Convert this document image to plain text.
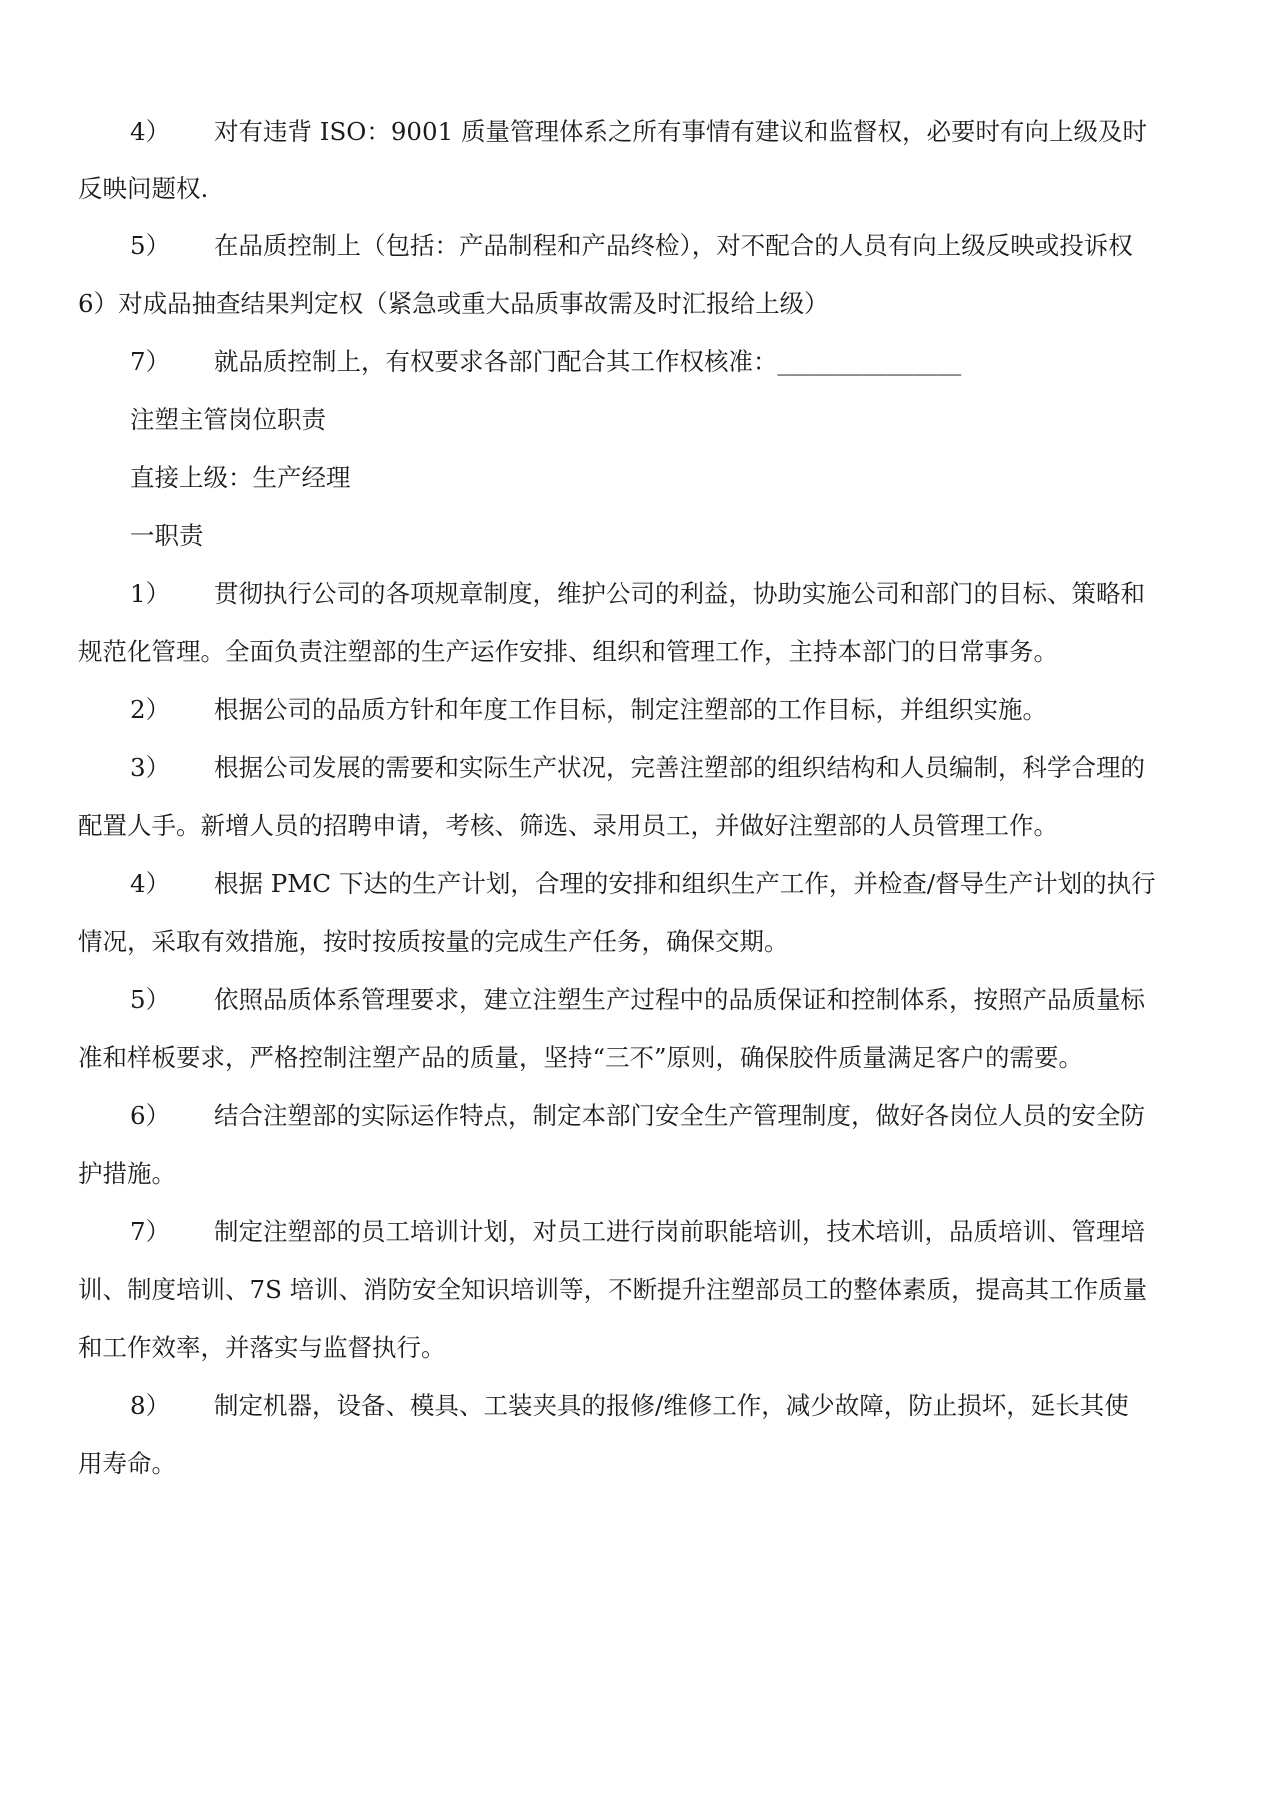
4）	对有违背 ISO：9001 质量管理体系之所有事情有建议和监督权，必要时有向上级及时
反映问题权.
5）	在品质控制上（包括：产品制程和产品终检），对不配合的人员有向上级反映或投诉权
6）对成品抽查结果判定权（紧急或重大品质事故需及时汇报给上级）
7）	就品质控制上，有权要求各部门配合其工作权核准：_______________
注塑主管岗位职责
直接上级：生产经理
一职责
1）	贯彻执行公司的各项规章制度，维护公司的利益，协助实施公司和部门的目标、策略和
规范化管理。全面负责注塑部的生产运作安排、组织和管理工作，主持本部门的日常事务。
2）	根据公司的品质方针和年度工作目标，制定注塑部的工作目标，并组织实施。
3）	根据公司发展的需要和实际生产状况，完善注塑部的组织结构和人员编制，科学合理的
配置人手。新增人员的招聘申请，考核、筛选、录用员工，并做好注塑部的人员管理工作。
4）	根据 PMC 下达的生产计划，合理的安排和组织生产工作，并检查/督导生产计划的执行
情况，采取有效措施，按时按质按量的完成生产任务，确保交期。
5）	依照品质体系管理要求，建立注塑生产过程中的品质保证和控制体系，按照产品质量标
准和样板要求，严格控制注塑产品的质量，坚持“三不”原则，确保胶件质量满足客户的需要。
6）	结合注塑部的实际运作特点，制定本部门安全生产管理制度，做好各岗位人员的安全防
护措施。
7）	制定注塑部的员工培训计划，对员工进行岗前职能培训，技术培训，品质培训、管理培
训、制度培训、7S 培训、消防安全知识培训等，不断提升注塑部员工的整体素质，提高其工作质量
和工作效率，并落实与监督执行。
8）	制定机器，设备、模具、工装夹具的报修/维修工作，减少故障，防止损坏，延长其使
用寿命。
